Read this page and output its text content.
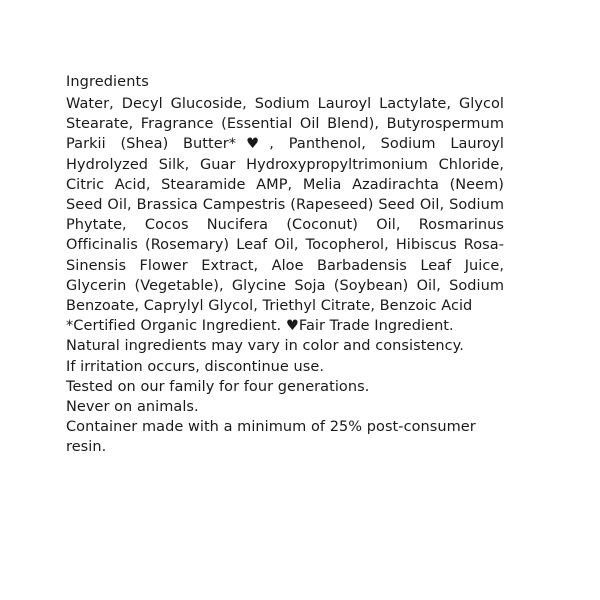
Ingredients

Water, Decyl Glucoside, Sodium Lauroyl Lactylate, Glycol Stearate, Fragrance (Essential Oil Blend), Butyrospermum Parkii (Shea) Butter*♥, Panthenol, Sodium Lauroyl Hydrolyzed Silk, Guar Hydroxypropyltrimonium Chloride, Citric Acid, Stearamide AMP, Melia Azadirachta (Neem) Seed Oil, Brassica Campestris (Rapeseed) Seed Oil, Sodium Phytate, Cocos Nucifera (Coconut) Oil, Rosmarinus Officinalis (Rosemary) Leaf Oil, Tocopherol, Hibiscus Rosa-Sinensis Flower Extract, Aloe Barbadensis Leaf Juice, Glycerin (Vegetable), Glycine Soja (Soybean) Oil, Sodium Benzoate, Caprylyl Glycol, Triethyl Citrate, Benzoic Acid

*Certified Organic Ingredient. ♥Fair Trade Ingredient.

Natural ingredients may vary in color and consistency.

If irritation occurs, discontinue use.

Tested on our family for four generations.

Never on animals.

Container made with a minimum of 25% post-consumer resin.
